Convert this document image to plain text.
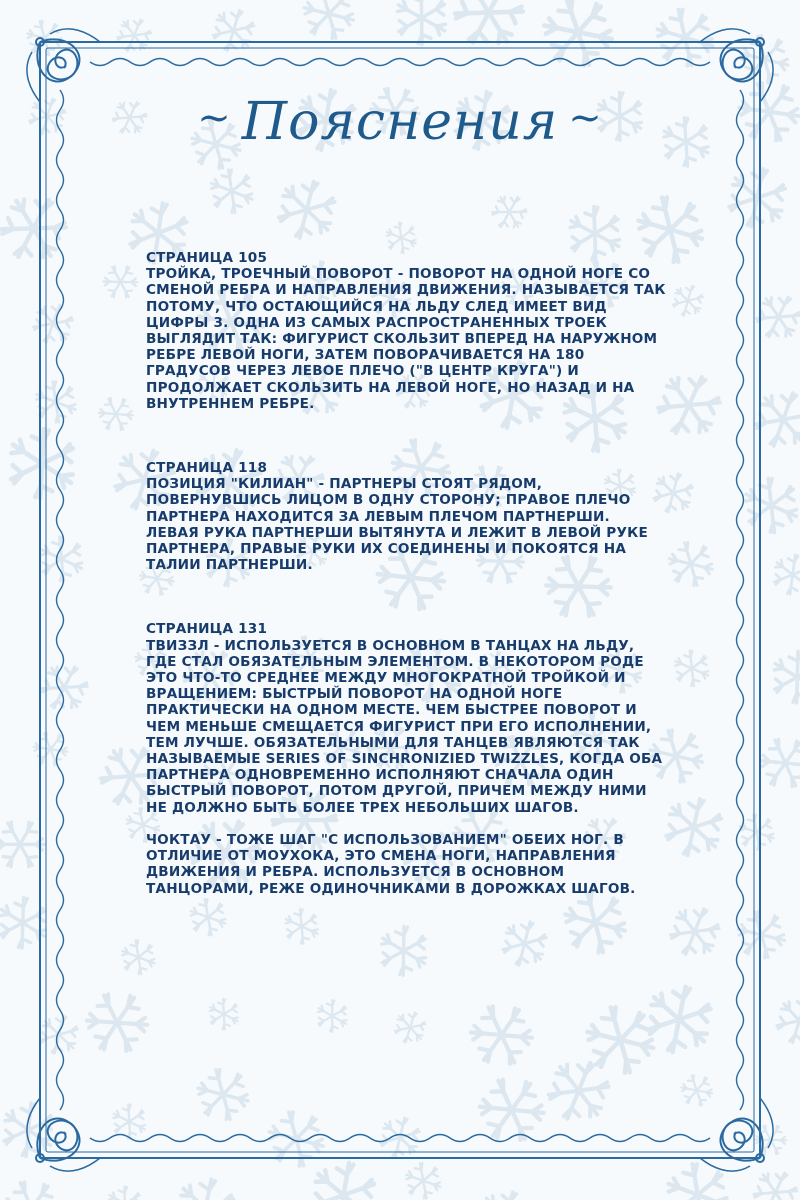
~ Пояснения ~
СТРАНИЦА 105

ТРОЙКА, ТРОЕЧНЫЙ ПОВОРОТ - ПОВОРОТ НА ОДНОЙ НОГЕ СО СМЕНОЙ РЕБРА И НАПРАВЛЕНИЯ ДВИЖЕНИЯ. НАЗЫВАЕТСЯ ТАК ПОТОМУ, ЧТО ОСТАЮЩИЙСЯ НА ЛЬДУ СЛЕД ИМЕЕТ ВИД ЦИФРЫ 3. ОДНА ИЗ САМЫХ РАСПРОСТРАНЕННЫХ ТРОЕК ВЫГЛЯДИТ ТАК: ФИГУРИСТ СКОЛЬЗИТ ВПЕРЕД НА НАРУЖНОМ РЕБРЕ ЛЕВОЙ НОГИ, ЗАТЕМ ПОВОРАЧИВАЕТСЯ НА 180 ГРАДУСОВ ЧЕРЕЗ ЛЕВОЕ ПЛЕЧО ("В ЦЕНТР КРУГА") И ПРОДОЛЖАЕТ СКОЛЬЗИТЬ НА ЛЕВОЙ НОГЕ, НО НАЗАД И НА ВНУТРЕННЕМ РЕБРЕ.

СТРАНИЦА 118

ПОЗИЦИЯ "КИЛИАН" - ПАРТНЕРЫ СТОЯТ РЯДОМ, ПОВЕРНУВШИСЬ ЛИЦОМ В ОДНУ СТОРОНУ; ПРАВОЕ ПЛЕЧО ПАРТНЕРА НАХОДИТСЯ ЗА ЛЕВЫМ ПЛЕЧОМ ПАРТНЕРШИ. ЛЕВАЯ РУКА ПАРТНЕРШИ ВЫТЯНУТА И ЛЕЖИТ В ЛЕВОЙ РУКЕ ПАРТНЕРА, ПРАВЫЕ РУКИ ИХ СОЕДИНЕНЫ И ПОКОЯТСЯ НА ТАЛИИ ПАРТНЕРШИ.

СТРАНИЦА 131

ТВИЗЗЛ - ИСПОЛЬЗУЕТСЯ В ОСНОВНОМ В ТАНЦАХ НА ЛЬДУ, ГДЕ СТАЛ ОБЯЗАТЕЛЬНЫМ ЭЛЕМЕНТОМ. В НЕКОТОРОМ РОДЕ ЭТО ЧТО-ТО СРЕДНЕЕ МЕЖДУ МНОГОКРАТНОЙ ТРОЙКОЙ И ВРАЩЕНИЕМ: БЫСТРЫЙ ПОВОРОТ НА ОДНОЙ НОГЕ ПРАКТИЧЕСКИ НА ОДНОМ МЕСТЕ. ЧЕМ БЫСТРЕЕ ПОВОРОТ И ЧЕМ МЕНЬШЕ СМЕЩАЕТСЯ ФИГУРИСТ ПРИ ЕГО ИСПОЛНЕНИИ, ТЕМ ЛУЧШЕ. ОБЯЗАТЕЛЬНЫМИ ДЛЯ ТАНЦЕВ ЯВЛЯЮТСЯ ТАК НАЗЫВАЕМЫЕ SERIES OF SINCHRONIZIED TWIZZLES, КОГДА ОБА ПАРТНЕРА ОДНОВРЕМЕННО ИСПОЛНЯЮТ СНАЧАЛА ОДИН БЫСТРЫЙ ПОВОРОТ, ПОТОМ ДРУГОЙ, ПРИЧЕМ МЕЖДУ НИМИ НЕ ДОЛЖНО БЫТЬ БОЛЕЕ ТРЕХ НЕБОЛЬШИХ ШАГОВ.

ЧОКТАУ - ТОЖЕ ШАГ "С ИСПОЛЬЗОВАНИЕМ" ОБЕИХ НОГ. В ОТЛИЧИЕ ОТ МОУХОКА, ЭТО СМЕНА НОГИ, НАПРАВЛЕНИЯ ДВИЖЕНИЯ И РЕБРА. ИСПОЛЬЗУЕТСЯ В ОСНОВНОМ ТАНЦОРАМИ, РЕЖЕ ОДИНОЧНИКАМИ В ДОРОЖКАХ ШАГОВ.
